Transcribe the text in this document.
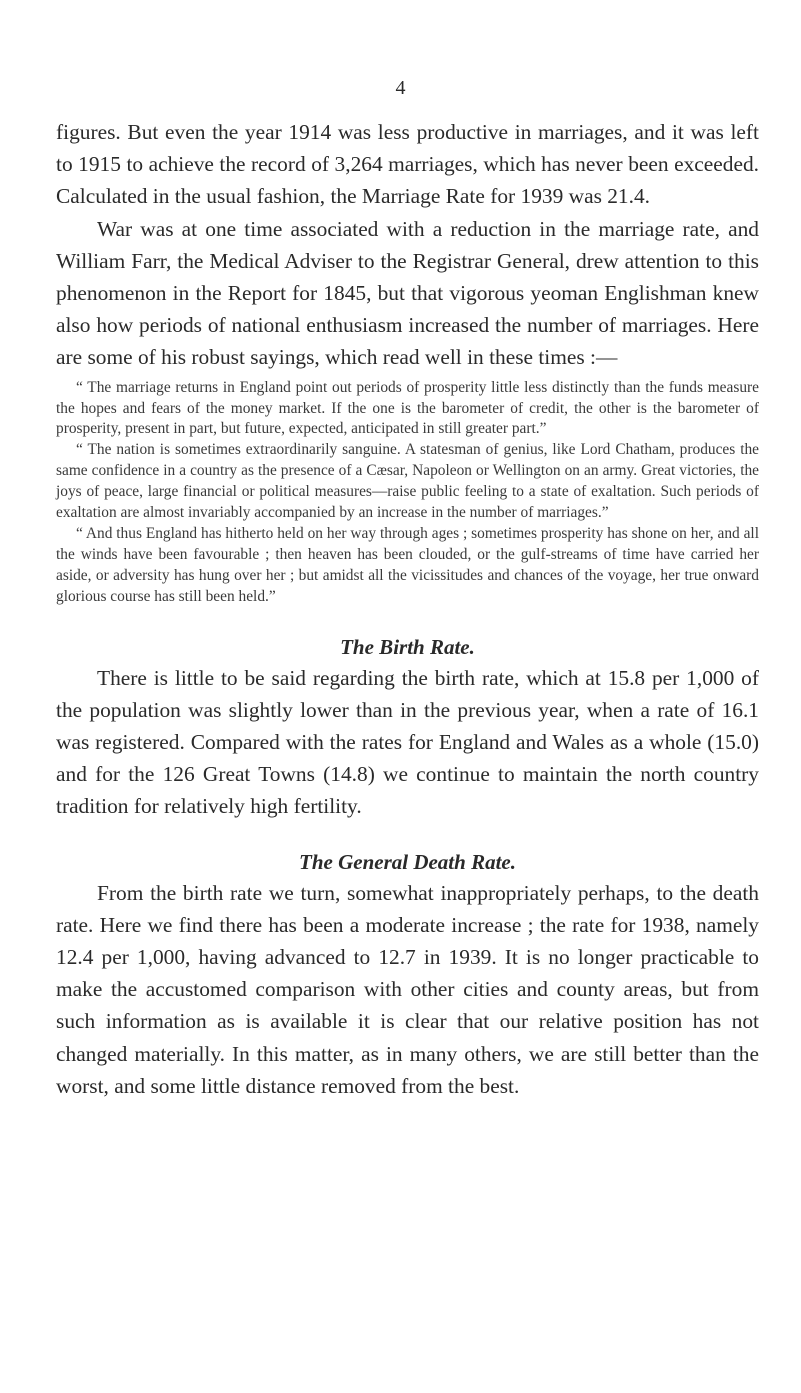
4

figures. But even the year 1914 was less productive in marriages, and it was left to 1915 to achieve the record of 3,264 marriages, which has never been exceeded. Calculated in the usual fashion, the Marriage Rate for 1939 was 21.4.

War was at one time associated with a reduction in the marriage rate, and William Farr, the Medical Adviser to the Registrar General, drew attention to this phenomenon in the Report for 1845, but that vigorous yeoman Englishman knew also how periods of national enthusiasm increased the number of marriages. Here are some of his robust sayings, which read well in these times :—

“ The marriage returns in England point out periods of prosperity little less distinctly than the funds measure the hopes and fears of the money market. If the one is the barometer of credit, the other is the barometer of prosperity, present in part, but future, expected, anticipated in still greater part.”

“ The nation is sometimes extraordinarily sanguine. A statesman of genius, like Lord Chatham, produces the same confidence in a country as the presence of a Cæsar, Napoleon or Wellington on an army. Great victories, the joys of peace, large financial or political measures—raise public feeling to a state of exaltation. Such periods of exaltation are almost invariably accompanied by an increase in the number of marriages.”

“ And thus England has hitherto held on her way through ages ; sometimes prosperity has shone on her, and all the winds have been favourable ; then heaven has been clouded, or the gulf-streams of time have carried her aside, or adversity has hung over her ; but amidst all the vicissitudes and chances of the voyage, her true onward glorious course has still been held.”

The Birth Rate.

There is little to be said regarding the birth rate, which at 15.8 per 1,000 of the population was slightly lower than in the previous year, when a rate of 16.1 was registered. Compared with the rates for England and Wales as a whole (15.0) and for the 126 Great Towns (14.8) we continue to maintain the north country tradition for relatively high fertility.

The General Death Rate.

From the birth rate we turn, somewhat inappropriately perhaps, to the death rate. Here we find there has been a moderate increase ; the rate for 1938, namely 12.4 per 1,000, having advanced to 12.7 in 1939. It is no longer practicable to make the accustomed comparison with other cities and county areas, but from such information as is available it is clear that our relative position has not changed materially. In this matter, as in many others, we are still better than the worst, and some little distance removed from the best.
